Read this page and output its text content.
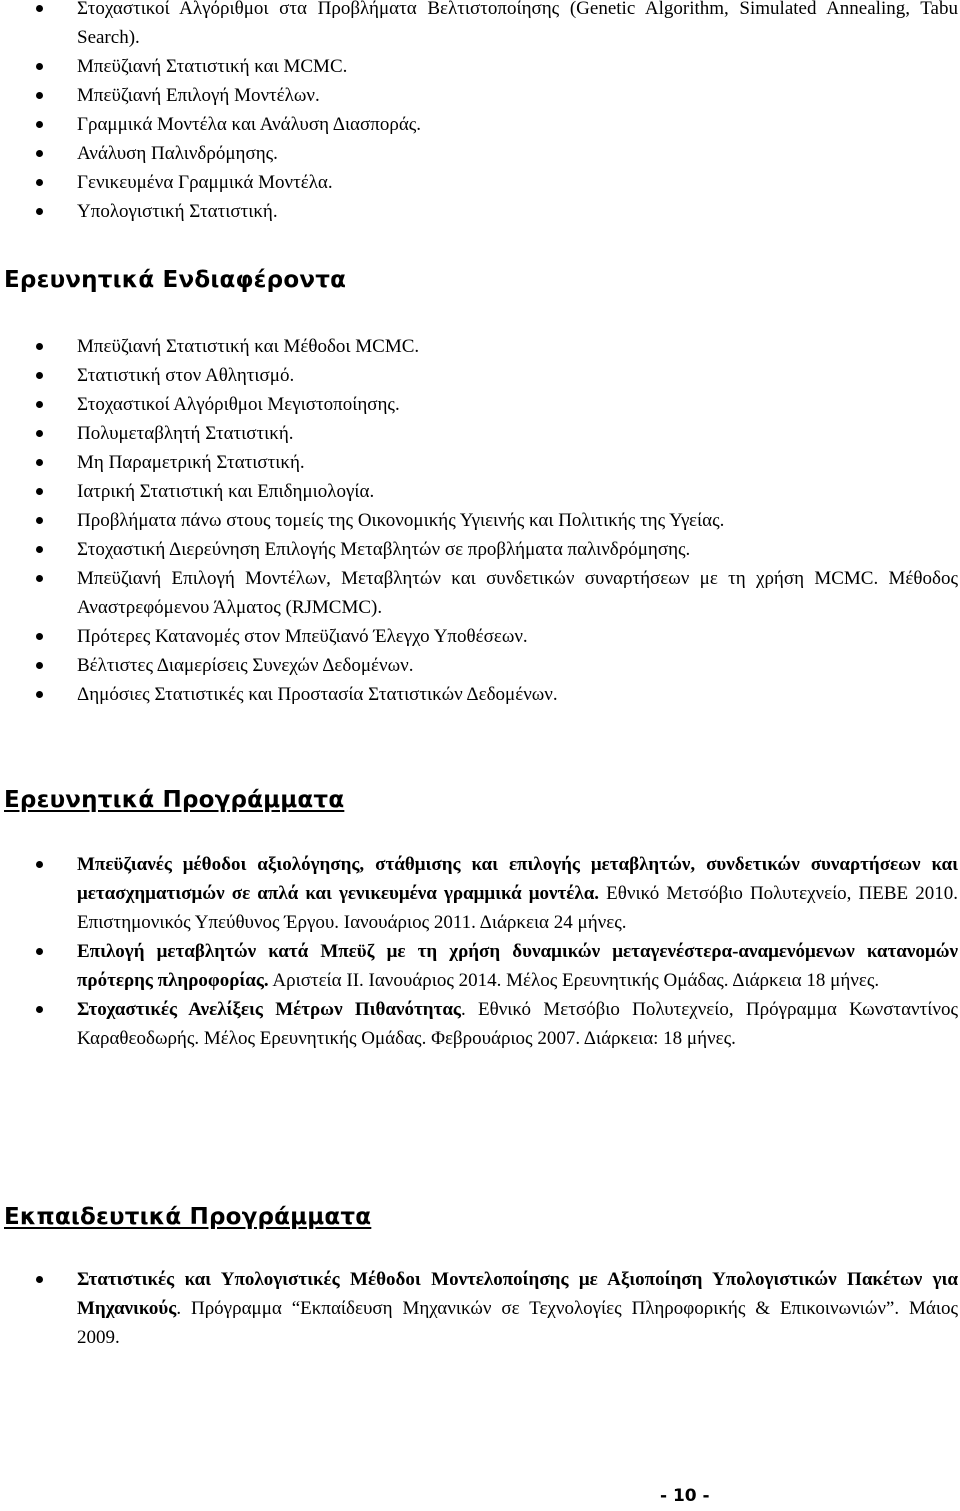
Στοχαστικοί Αλγόριθμοι στα Προβλήματα Βελτιστοποίησης (Genetic Algorithm, Simulated Annealing, Tabu Search).
Μπεϋζιανή Στατιστική και MCMC.
Μπεϋζιανή Επιλογή Μοντέλων.
Γραμμικά Μοντέλα και Ανάλυση Διασποράς.
Ανάλυση Παλινδρόμησης.
Γενικευμένα Γραμμικά Μοντέλα.
Υπολογιστική Στατιστική.
Ερευνητικά Ενδιαφέροντα
Μπεϋζιανή Στατιστική και Μέθοδοι MCMC.
Στατιστική στον Αθλητισμό.
Στοχαστικοί Αλγόριθμοι Μεγιστοποίησης.
Πολυμεταβλητή Στατιστική.
Μη Παραμετρική Στατιστική.
Ιατρική Στατιστική και Επιδημιολογία.
Προβλήματα πάνω στους τομείς της Οικονομικής Υγιεινής και Πολιτικής της Υγείας.
Στοχαστική Διερεύνηση Επιλογής Μεταβλητών σε προβλήματα παλινδρόμησης.
Μπεϋζιανή Επιλογή Μοντέλων, Μεταβλητών και συνδετικών συναρτήσεων με τη χρήση MCMC. Μέθοδος Αναστρεφόμενου Άλματος (RJMCMC).
Πρότερες Κατανομές στον Μπεϋζιανό Έλεγχο Υποθέσεων.
Βέλτιστες Διαμερίσεις Συνεχών Δεδομένων.
Δημόσιες Στατιστικές και Προστασία Στατιστικών Δεδομένων.
Ερευνητικά Προγράμματα
Μπεϋζιανές μέθοδοι αξιολόγησης, στάθμισης και επιλογής μεταβλητών, συνδετικών συναρτήσεων και μετασχηματισμών σε απλά και γενικευμένα γραμμικά μοντέλα. Εθνικό Μετσόβιο Πολυτεχνείο, ΠΕΒΕ 2010. Επιστημονικός Υπεύθυνος Έργου. Ιανουάριος 2011. Διάρκεια 24 μήνες.
Επιλογή μεταβλητών κατά Μπεϋζ με τη χρήση δυναμικών μεταγενέστερα-αναμενόμενων κατανομών πρότερης πληροφορίας. Αριστεία ΙΙ. Ιανουάριος 2014. Μέλος Ερευνητικής Ομάδας. Διάρκεια 18 μήνες.
Στοχαστικές Ανελίξεις Μέτρων Πιθανότητας. Εθνικό Μετσόβιο Πολυτεχνείο, Πρόγραμμα Κωνσταντίνος Καραθεοδωρής. Μέλος Ερευνητικής Ομάδας. Φεβρουάριος 2007. Διάρκεια: 18 μήνες.
Εκπαιδευτικά Προγράμματα
Στατιστικές και Υπολογιστικές Μέθοδοι Μοντελοποίησης με Αξιοποίηση Υπολογιστικών Πακέτων για Μηχανικούς. Πρόγραμμα “Εκπαίδευση Μηχανικών σε Τεχνολογίες Πληροφορικής & Επικοινωνιών”. Μάιος 2009.
- 10 -
